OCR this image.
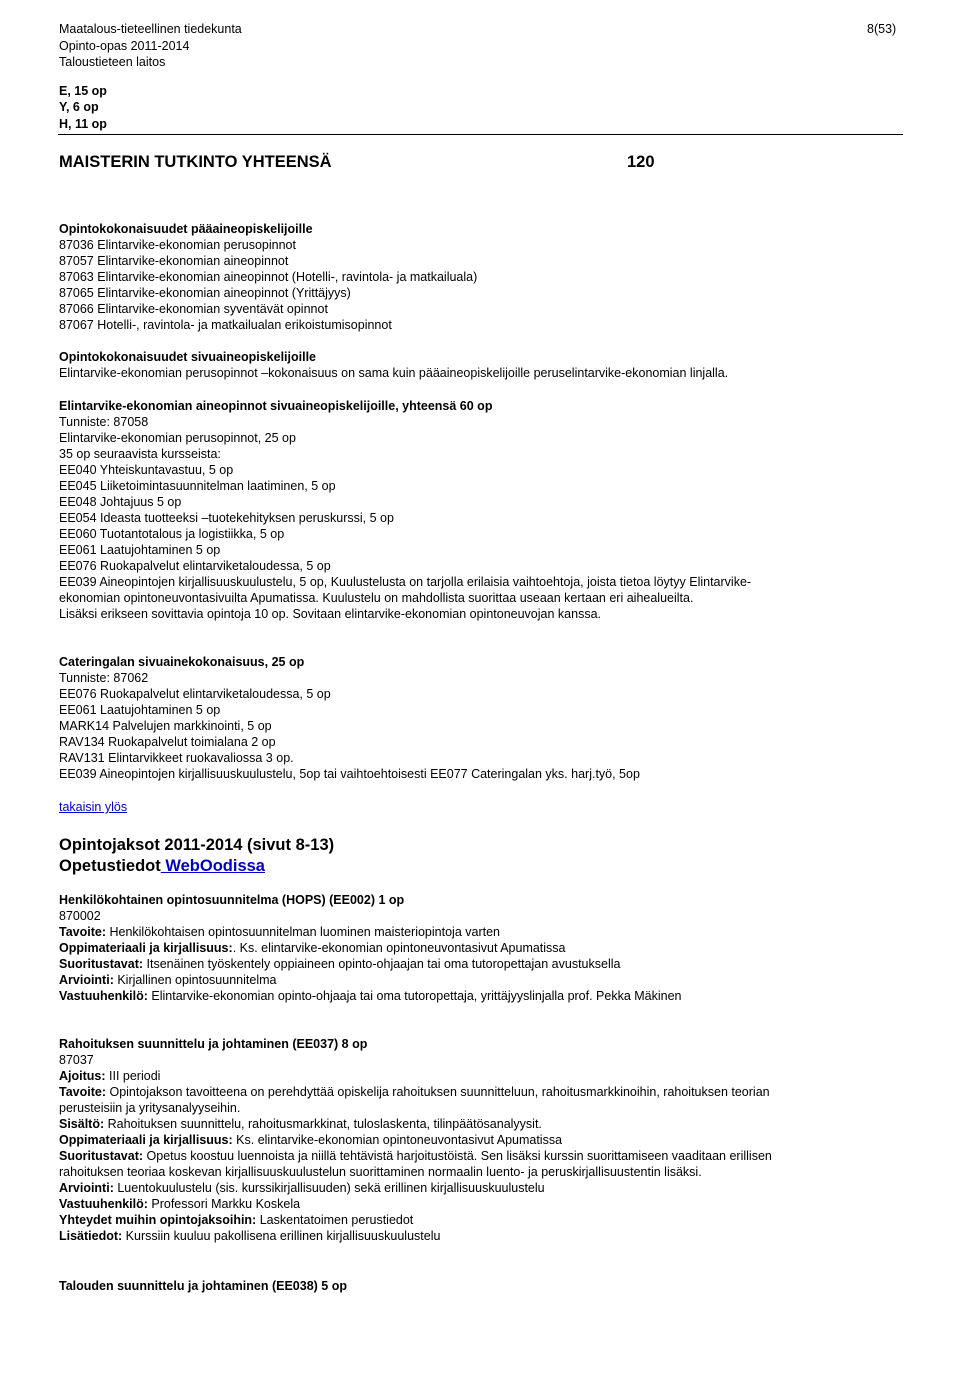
Maatalous-tieteellinen tiedekunta
Opinto-opas 2011-2014
Taloustieteen laitos
8(53)
E, 15 op
Y, 6 op
H, 11 op
MAISTERIN TUTKINTO YHTEENSÄ	120
Opintokokonaisuudet pääaineopiskelijoille
87036 Elintarvike-ekonomian perusopinnot
87057 Elintarvike-ekonomian aineopinnot
87063 Elintarvike-ekonomian aineopinnot (Hotelli-, ravintola- ja matkailuala)
87065 Elintarvike-ekonomian aineopinnot (Yrittäjyys)
87066 Elintarvike-ekonomian syventävät opinnot
87067 Hotelli-, ravintola- ja matkailualan erikoistumisopinnot
Opintokokonaisuudet sivuaineopiskelijoille
Elintarvike-ekonomian perusopinnot –kokonaisuus on sama kuin pääaineopiskelijoille peruselintarvike-ekonomian linjalla.
Elintarvike-ekonomian aineopinnot sivuaineopiskelijoille, yhteensä 60 op
Tunniste: 87058
Elintarvike-ekonomian perusopinnot, 25 op
35 op seuraavista kursseista:
EE040 Yhteiskuntavastuu, 5 op
EE045 Liiketoimintasuunnitelman laatiminen, 5 op
EE048 Johtajuus 5 op
EE054 Ideasta tuotteeksi –tuotekehityksen peruskurssi, 5 op
EE060 Tuotantotalous ja logistiikka, 5 op
EE061 Laatujohtaminen 5 op
EE076 Ruokapalvelut elintarviketaloudessa, 5 op
EE039 Aineopintojen kirjallisuuskuulustelu, 5 op, Kuulustelusta on tarjolla erilaisia vaihtoehtoja, joista tietoa löytyy Elintarvike-
ekonomian opintoneuvontasivuilta Apumatissa. Kuulustelu on mahdollista suorittaa useaan kertaan eri aihealueilta.
Lisäksi erikseen sovittavia opintoja 10 op. Sovitaan elintarvike-ekonomian opintoneuvojan kanssa.
Cateringalan sivuainekokonaisuus, 25 op
Tunniste: 87062
EE076 Ruokapalvelut elintarviketaloudessa, 5 op
EE061 Laatujohtaminen 5 op
MARK14 Palvelujen markkinointi, 5 op
RAV134 Ruokapalvelut toimialana 2 op
RAV131 Elintarvikkeet ruokavaliossa 3 op.
EE039 Aineopintojen kirjallisuuskuulustelu, 5op tai vaihtoehtoisesti EE077 Cateringalan yks. harj.työ, 5op
takaisin ylös
Opintojaksot 2011-2014 (sivut 8-13)
Opetustiedot WebOodissa
Henkilökohtainen opintosuunnitelma (HOPS) (EE002) 1 op
870002
Tavoite: Henkilökohtaisen opintosuunnitelman luominen maisteriopintoja varten
Oppimateriaali ja kirjallisuus:. Ks. elintarvike-ekonomian opintoneuvontasivut Apumatissa
Suoritustavat: Itsenäinen työskentely oppiaineen opinto-ohjaajan tai oma tutoropettajan avustuksella
Arviointi: Kirjallinen opintosuunnitelma
Vastuuhenkilö: Elintarvike-ekonomian opinto-ohjaaja tai oma tutoropettaja, yrittäjyyslinjalla prof. Pekka Mäkinen
Rahoituksen suunnittelu ja johtaminen (EE037) 8 op
87037
Ajoitus: III periodi
Tavoite: Opintojakson tavoitteena on perehdyttää opiskelija rahoituksen suunnitteluun, rahoitusmarkkinoihin, rahoituksen teorian
perusteisiin ja yritysanalyyseihin.
Sisältö: Rahoituksen suunnittelu, rahoitusmarkkinat, tuloslaskenta, tilinpäätösanalyysit.
Oppimateriaali ja kirjallisuus: Ks. elintarvike-ekonomian opintoneuvontasivut Apumatissa
Suoritustavat: Opetus koostuu luennoista ja niillä tehtävistä harjoitustöistä. Sen lisäksi kurssin suorittamiseen vaaditaan erillisen
rahoituksen teoriaa koskevan kirjallisuuskuulustelun suorittaminen normaalin luento- ja peruskirjallisuustentin lisäksi.
Arviointi: Luentokuulustelu (sis. kurssikirjallisuuden) sekä erillinen kirjallisuuskuulustelu
Vastuuhenkilö: Professori Markku Koskela
Yhteydet muihin opintojaksoihin: Laskentatoimen perustiedot
Lisätiedot: Kurssiin kuuluu pakollisena erillinen kirjallisuuskuulustelu
Talouden suunnittelu ja johtaminen (EE038) 5 op
